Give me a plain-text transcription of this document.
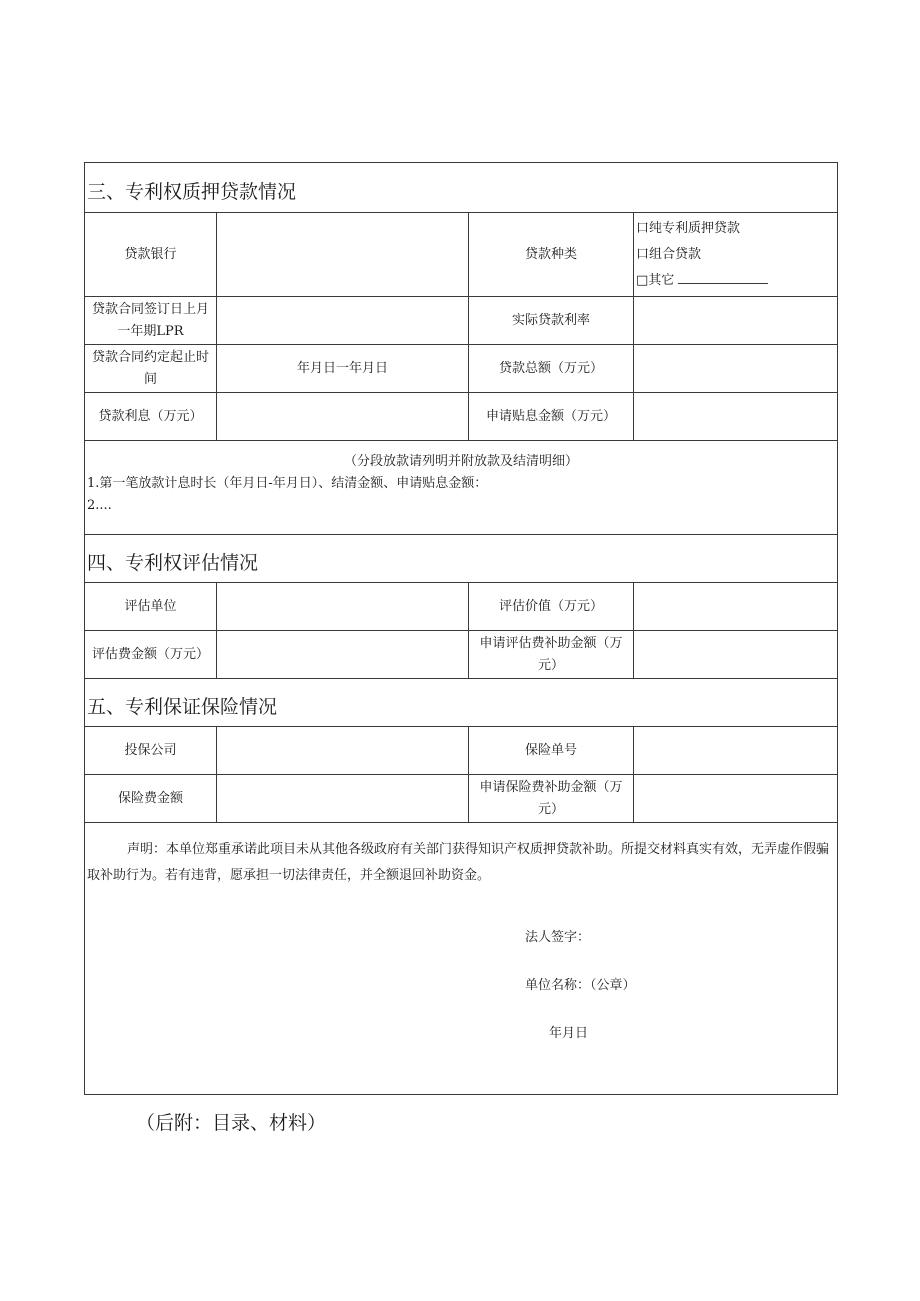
三、专利权质押贷款情况			
贷款银行		贷款种类	口纯专利质押贷款
口组合贷款
□其它

贷款合同签订日上月一年期LPR		实际贷款利率	
贷款合同约定起止时间	年月日一年月日	贷款总额（万元）	
贷款利息（万元）		申请贴息金额（万元）	

（分段放款请列明并附放款及结清明细）
1.第一笔放款计息时长（年月日-年月日）、结清金额、申请贴息金额：
2....			

四、专利权评估情况			
评估单位		评估价值（万元）	
评估费金额（万元）		申请评估费补助金额（万元）	
五、专利保证保险情况			
投保公司		保险单号	
保险费金额		申请保险费补助金额（万元）	

声明：本单位郑重承诺此项目未从其他各级政府有关部门获得知识产权质押贷款补助。所提交材料真实有效，无弄虚作假骗取补助行为。若有违背，愿承担一切法律责任，并全额退回补助资金。
法人签字：
单位名称：（公章）
年月日			
（后附：目录、材料）
